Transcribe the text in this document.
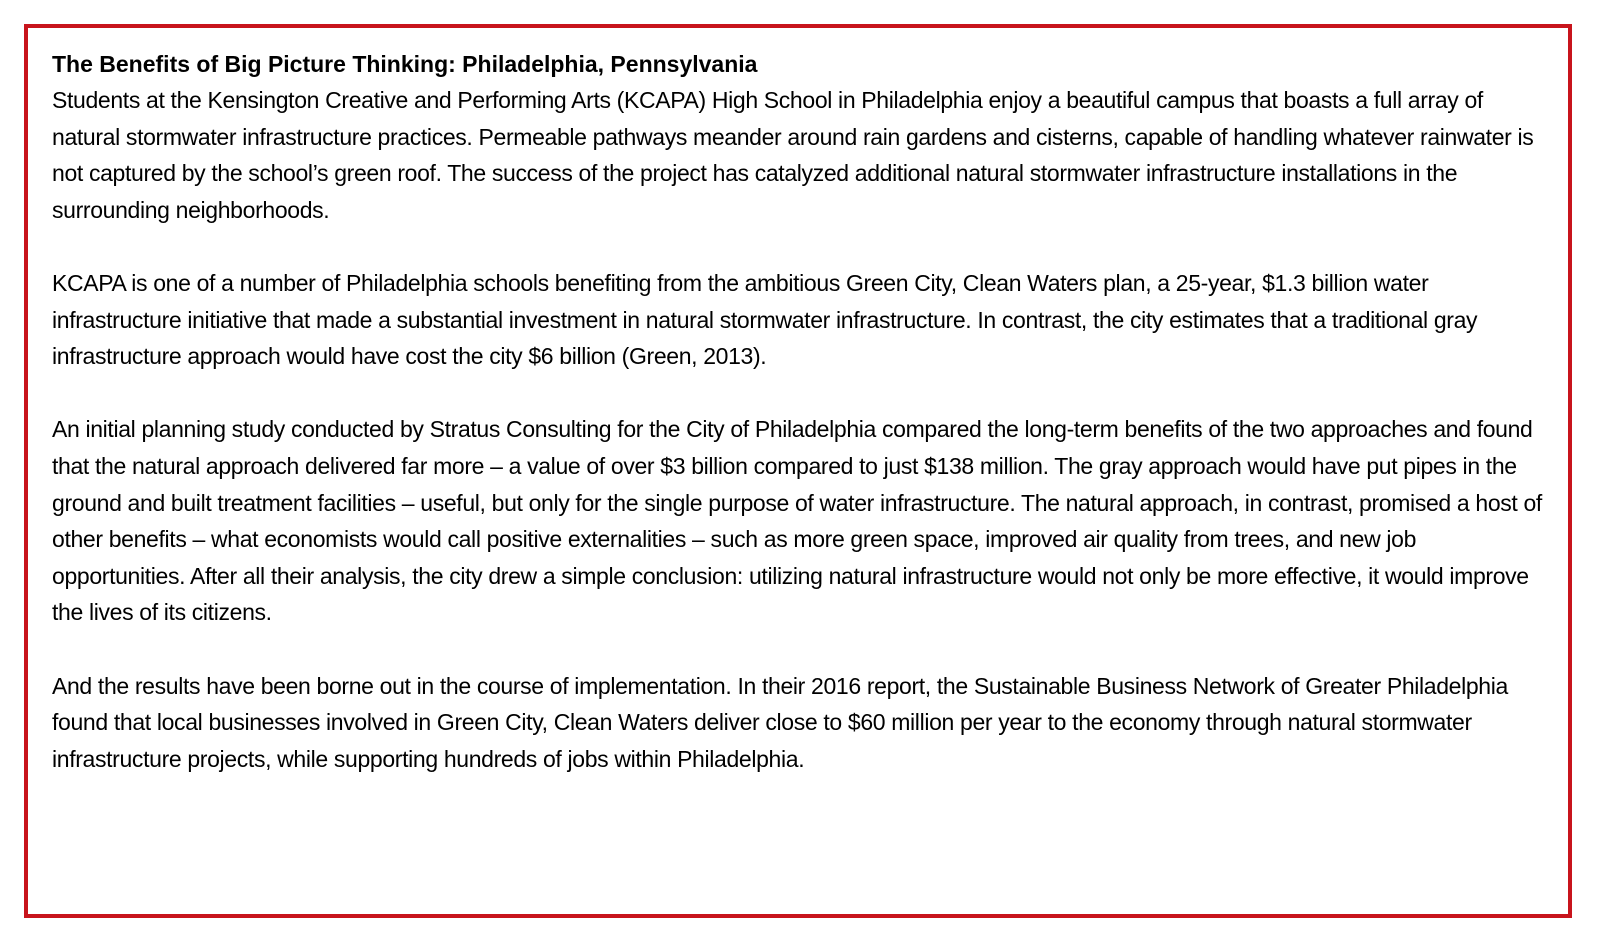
The Benefits of Big Picture Thinking: Philadelphia, Pennsylvania

Students at the Kensington Creative and Performing Arts (KCAPA) High School in Philadelphia enjoy a beautiful campus that boasts a full array of natural stormwater infrastructure practices. Permeable pathways meander around rain gardens and cisterns, capable of handling whatever rainwater is not captured by the school’s green roof. The success of the project has catalyzed additional natural stormwater infrastructure installations in the surrounding neighborhoods.

KCAPA is one of a number of Philadelphia schools benefiting from the ambitious Green City, Clean Waters plan, a 25-year, $1.3 billion water infrastructure initiative that made a substantial investment in natural stormwater infrastructure. In contrast, the city estimates that a traditional gray infrastructure approach would have cost the city $6 billion (Green, 2013).

An initial planning study conducted by Stratus Consulting for the City of Philadelphia compared the long-term benefits of the two approaches and found that the natural approach delivered far more – a value of over $3 billion compared to just $138 million. The gray approach would have put pipes in the ground and built treatment facilities – useful, but only for the single purpose of water infrastructure. The natural approach, in contrast, promised a host of other benefits – what economists would call positive externalities – such as more green space, improved air quality from trees, and new job opportunities. After all their analysis, the city drew a simple conclusion: utilizing natural infrastructure would not only be more effective, it would improve the lives of its citizens.

And the results have been borne out in the course of implementation. In their 2016 report, the Sustainable Business Network of Greater Philadelphia found that local businesses involved in Green City, Clean Waters deliver close to $60 million per year to the economy through natural stormwater infrastructure projects, while supporting hundreds of jobs within Philadelphia.
